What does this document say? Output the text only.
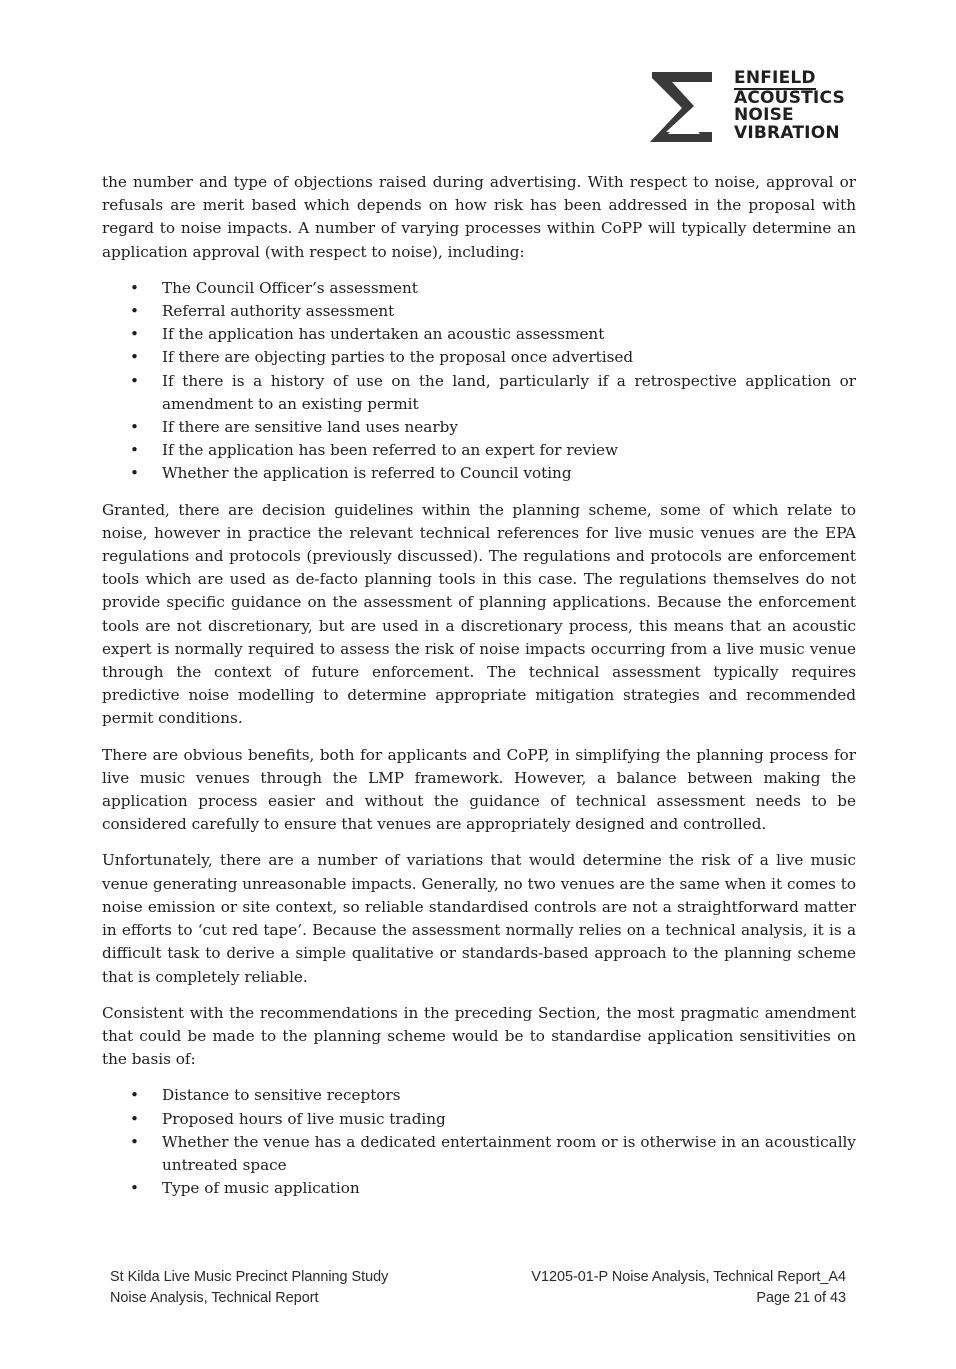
ENFIELD
ACOUSTICS
NOISE
VIBRATION

the number and type of objections raised during advertising. With respect to noise, approval or refusals are merit based which depends on how risk has been addressed in the proposal with regard to noise impacts. A number of varying processes within CoPP will typically determine an application approval (with respect to noise), including:

• The Council Officer’s assessment
• Referral authority assessment
• If the application has undertaken an acoustic assessment
• If there are objecting parties to the proposal once advertised
• If there is a history of use on the land, particularly if a retrospective application or amendment to an existing permit
• If there are sensitive land uses nearby
• If the application has been referred to an expert for review
• Whether the application is referred to Council voting

Granted, there are decision guidelines within the planning scheme, some of which relate to noise, however in practice the relevant technical references for live music venues are the EPA regulations and protocols (previously discussed). The regulations and protocols are enforcement tools which are used as de-facto planning tools in this case. The regulations themselves do not provide specific guidance on the assessment of planning applications. Because the enforcement tools are not discretionary, but are used in a discretionary process, this means that an acoustic expert is normally required to assess the risk of noise impacts occurring from a live music venue through the context of future enforcement. The technical assessment typically requires predictive noise modelling to determine appropriate mitigation strategies and recommended permit conditions.

There are obvious benefits, both for applicants and CoPP, in simplifying the planning process for live music venues through the LMP framework. However, a balance between making the application process easier and without the guidance of technical assessment needs to be considered carefully to ensure that venues are appropriately designed and controlled.

Unfortunately, there are a number of variations that would determine the risk of a live music venue generating unreasonable impacts. Generally, no two venues are the same when it comes to noise emission or site context, so reliable standardised controls are not a straightforward matter in efforts to ‘cut red tape’. Because the assessment normally relies on a technical analysis, it is a difficult task to derive a simple qualitative or standards-based approach to the planning scheme that is completely reliable.

Consistent with the recommendations in the preceding Section, the most pragmatic amendment that could be made to the planning scheme would be to standardise application sensitivities on the basis of:

• Distance to sensitive receptors
• Proposed hours of live music trading
• Whether the venue has a dedicated entertainment room or is otherwise in an acoustically untreated space
• Type of music application
St Kilda Live Music Precinct Planning Study
Noise Analysis, Technical Report
V1205-01-P Noise Analysis, Technical Report_A4
Page 21 of 43
